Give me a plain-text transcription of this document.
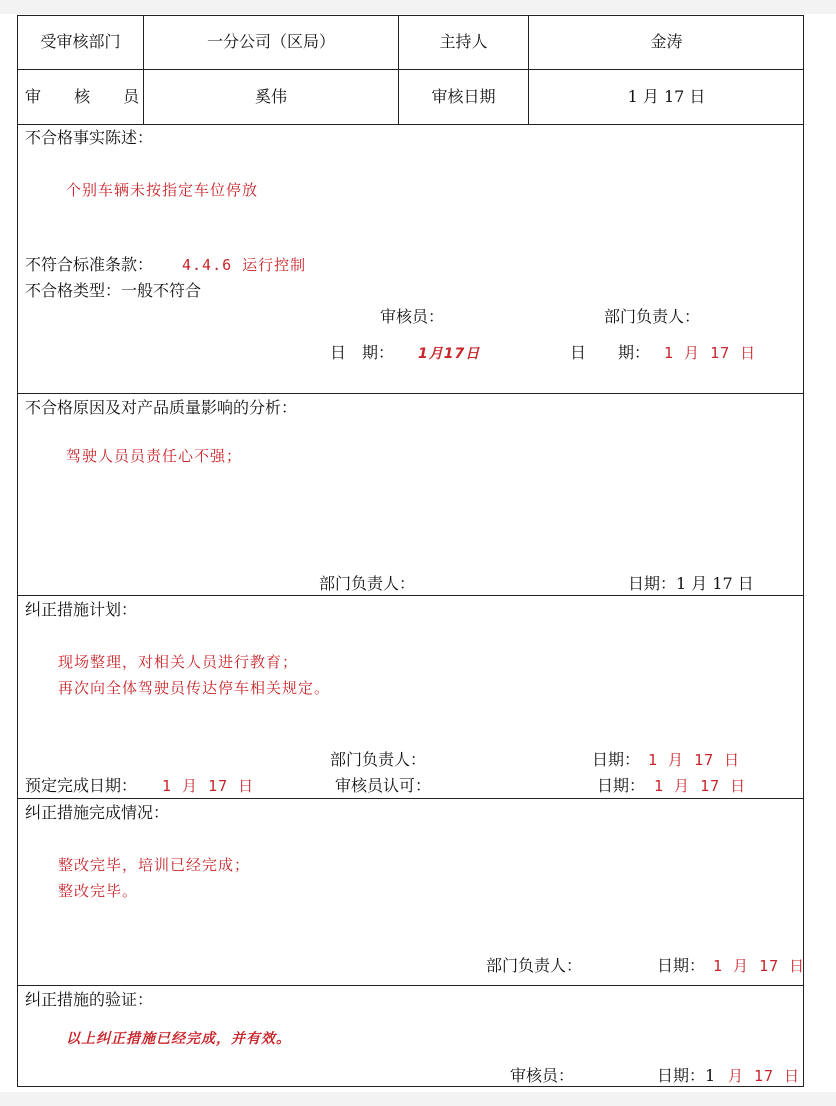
受审核部门	一分公司（区局）	主持人	金涛
审 核 员	奚伟	审核日期	1 月 17 日
不合格事实陈述：
个别车辆未按指定车位停放
不符合标准条款： 4.4.6 运行控制
不合格类型：一般不符合
审核员：	部门负责人：
日　期： 1月17日	日　　期： 1 月 17 日
不合格原因及对产品质量影响的分析：
驾驶人员员责任心不强；
部门负责人：	日期：1 月 17 日
纠正措施计划：
现场整理，对相关人员进行教育；
再次向全体驾驶员传达停车相关规定。
部门负责人：	日期： 1 月 17 日
预定完成日期： 1 月 17 日	审核员认可：	日期： 1 月 17 日
纠正措施完成情况：
整改完毕，培训已经完成；
整改完毕。
部门负责人：	日期： 1 月 17 日
纠正措施的验证：
以上纠正措施已经完成，并有效。
审核员：	日期：1 月 17 日
